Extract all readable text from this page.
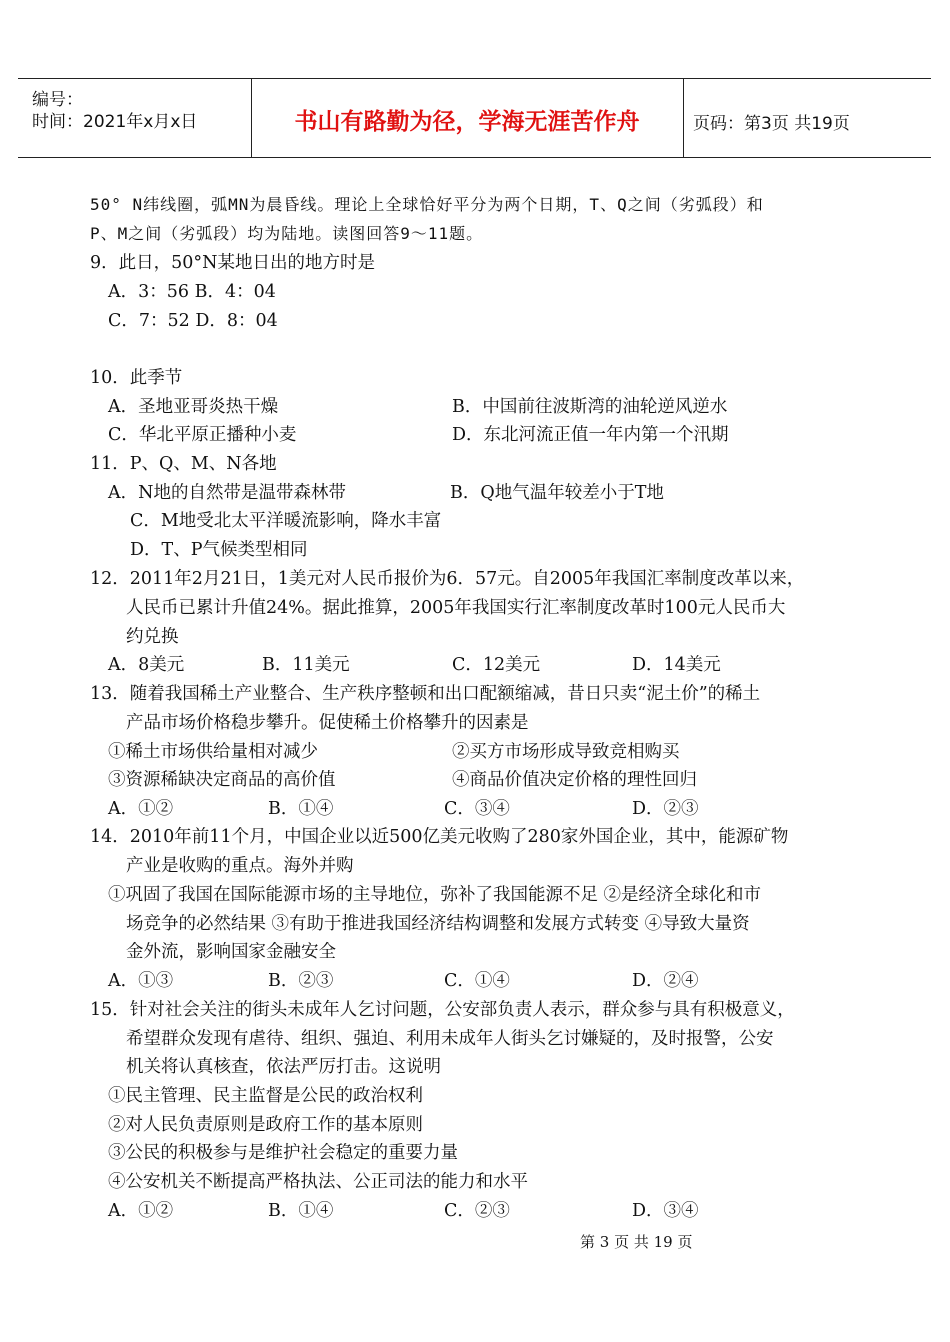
编号：
时间：2021年x月x日	书山有路勤为径，学海无涯苦作舟	页码：第3页 共19页
50° N纬线圈，弧MN为晨昏线。理论上全球恰好平分为两个日期，T、Q之间（劣弧段）和
P、M之间（劣弧段）均为陆地。读图回答9～11题。
9．此日，50°N某地日出的地方时是
A．3：56 B．4：04
C．7：52 D．8：04
10．此季节
A．圣地亚哥炎热干燥	B．中国前往波斯湾的油轮逆风逆水
C．华北平原正播种小麦	D．东北河流正值一年内第一个汛期
11．P、Q、M、N各地
A．N地的自然带是温带森林带	B．Q地气温年较差小于T地
C．M地受北太平洋暖流影响，降水丰富
D．T、P气候类型相同
12．2011年2月21日，1美元对人民币报价为6．57元。自2005年我国汇率制度改革以来，
人民币已累计升值24%。据此推算，2005年我国实行汇率制度改革时100元人民币大
约兑换
A．8美元	B．11美元	C．12美元	D．14美元
13．随着我国稀土产业整合、生产秩序整顿和出口配额缩减，昔日只卖“泥土价”的稀土
产品市场价格稳步攀升。促使稀土价格攀升的因素是
①稀土市场供给量相对减少	②买方市场形成导致竞相购买
③资源稀缺决定商品的高价值	④商品价值决定价格的理性回归
A．①②	B．①④	C．③④	D．②③
14．2010年前11个月，中国企业以近500亿美元收购了280家外国企业，其中，能源矿物
产业是收购的重点。海外并购
①巩固了我国在国际能源市场的主导地位，弥补了我国能源不足 ②是经济全球化和市
场竞争的必然结果 ③有助于推进我国经济结构调整和发展方式转变 ④导致大量资
金外流，影响国家金融安全
A．①③	B．②③	C．①④	D．②④
15．针对社会关注的街头未成年人乞讨问题，公安部负责人表示，群众参与具有积极意义，
希望群众发现有虐待、组织、强迫、利用未成年人街头乞讨嫌疑的，及时报警，公安
机关将认真核查，依法严厉打击。这说明
①民主管理、民主监督是公民的政治权利
②对人民负责原则是政府工作的基本原则
③公民的积极参与是维护社会稳定的重要力量
④公安机关不断提高严格执法、公正司法的能力和水平
A．①②	B．①④	C．②③	D．③④
第 3 页 共 19 页
